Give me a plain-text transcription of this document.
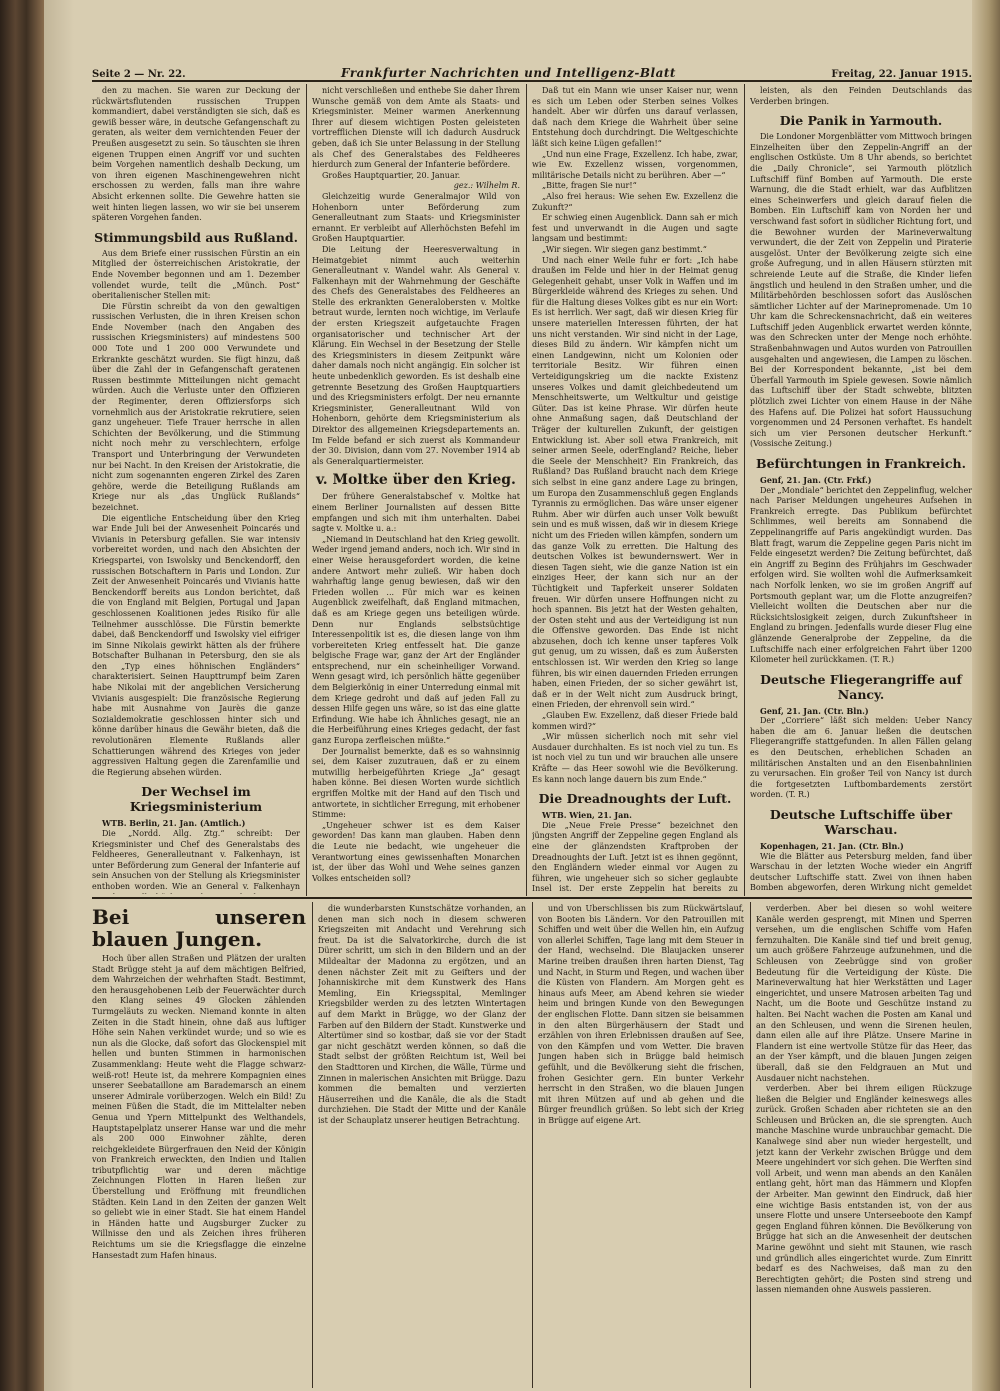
Seite 2 — Nr. 22.	Frankfurter Nachrichten und Intelligenz-Blatt	Freitag, 22. Januar 1915.

den zu machen. Sie waren zur Deckung der rückwärtsflutenden russischen Truppen kommandiert, dabei verständigten sie sich, daß es gewiß besser wäre, in deutsche Gefangenschaft zu geraten, als weiter dem vernichtenden Feuer der Preußen ausgesetzt zu sein. So täuschten sie ihren eigenen Truppen einen Angriff vor und suchten beim Vorgehen namentlich deshalb Deckung, um von ihren eigenen Maschinengewehren nicht erschossen zu werden, falls man ihre wahre Absicht erkennen sollte. Die Gewehre hatten sie weit hinten liegen lassen, wo wir sie bei unserem späteren Vorgehen fanden.

Stimmungsbild aus Rußland.

Aus dem Briefe einer russischen Fürstin an ein Mitglied der österreichischen Aristokratie, der Ende November begonnen und am 1. Dezember vollendet wurde, teilt die „Münch. Post“ oberitalienischer Stellen mit:

Die Fürstin schreibt da von den gewaltigen russischen Verlusten, die in ihren Kreisen schon Ende November (nach den Angaben des russischen Kriegsministers) auf mindestens 500 000 Tote und 1 200 000 Verwundete und Erkrankte geschätzt wurden. Sie fügt hinzu, daß über die Zahl der in Gefangenschaft geratenen Russen bestimmte Mitteilungen nicht gemacht würden. Auch die Verluste unter den Offizieren der Regimenter, deren Offiziersforps sich vornehmlich aus der Aristokratie rekrutiere, seien ganz ungeheuer. Tiefe Trauer herrsche in allen Schichten der Bevölkerung, und die Stimmung nicht noch mehr zu verschlechtern, erfolge Transport und Unterbringung der Verwundeten nur bei Nacht. In den Kreisen der Aristokratie, die nicht zum sogenannten engeren Zirkel des Zaren gehöre, werde die Beteiligung Rußlands am Kriege nur als „das Unglück Rußlands“ bezeichnet.

Die eigentliche Entscheidung über den Krieg war Ende Juli bei der Anwesenheit Poincarés und Vivianis in Petersburg gefallen. Sie war intensiv vorbereitet worden, und nach den Absichten der Kriegspartei, von Iswolsky und Benckendorff, den russischen Botschaftern in Paris und London. Zur Zeit der Anwesenheit Poincarés und Vivianis hatte Benckendorff bereits aus London berichtet, daß die von England mit Belgien, Portugal und Japan geschlossenen Koalitionen jedes Risiko für alle Teilnehmer ausschlösse. Die Fürstin bemerkte dabei, daß Benckendorff und Iswolsky viel eifriger im Sinne Nikolais gewirkt hätten als der frühere Botschafter Bulhanan in Petersburg, den sie als den „Typ eines höhnischen Engländers“ charakterisiert. Seinen Haupttrumpf beim Zaren habe Nikolai mit der angeblichen Versicherung Vivianis ausgespielt: Die französische Regierung habe mit Ausnahme von Jaurès die ganze Sozialdemokratie geschlossen hinter sich und könne darüber hinaus die Gewähr bieten, daß die revolutionären Elemente Rußlands aller Schattierungen während des Krieges von jeder aggressiven Haltung gegen die Zarenfamilie und die Regierung absehen würden.

Der Wechsel im Kriegsministerium

WTB. Berlin, 21. Jan. (Amtlich.)

Die „Nordd. Allg. Ztg.“ schreibt: Der Kriegsminister und Chef des Generalstabs des Feldheeres, Generalleutnant v. Falkenhayn, ist unter Beförderung zum General der Infanterie auf sein Ansuchen von der Stellung als Kriegsminister enthoben worden. Wie an General v. Falkenhayn

nicht verschließen und enthebe Sie daher Ihrem Wunsche gemäß von dem Amte als Staats- und Kriegsminister. Meiner warmen Anerkennung Ihrer auf diesem wichtigen Posten geleisteten vortrefflichen Dienste will ich dadurch Ausdruck geben, daß ich Sie unter Belassung in der Stellung als Chef des Generalstabes des Feldheeres hierdurch zum General der Infanterie befördere.

Großes Hauptquartier, 20. Januar.

gez.: Wilhelm R.

Gleichzeitig wurde Generalmajor Wild von Hohenborn unter Beförderung zum Generalleutnant zum Staats- und Kriegsminister ernannt. Er verbleibt auf Allerhöchsten Befehl im Großen Hauptquartier.

Die Leitung der Heeresverwaltung in Heimatgebiet nimmt auch weiterhin Generalleutnant v. Wandel wahr. Als General v. Falkenhayn mit der Wahrnehmung der Geschäfte des Chefs des Generalstabes des Feldheeres an Stelle des erkrankten Generalobersten v. Moltke betraut wurde, lernten noch wichtige, im Verlaufe der ersten Kriegszeit aufgetauchte Fragen organisatorischer und technischer Art der Klärung. Ein Wechsel in der Besetzung der Stelle des Kriegsministers in diesem Zeitpunkt wäre daher damals noch nicht angängig. Ein solcher ist heute unbedenklich geworden. Es ist deshalb eine getrennte Besetzung des Großen Hauptquartiers und des Kriegsministers erfolgt. Der neu ernannte Kriegsminister, Generalleutnant Wild von Hohenborn, gehörte dem Kriegsministerium als Direktor des allgemeinen Kriegsdepartements an. Im Felde befand er sich zuerst als Kommandeur der 30. Division, dann vom 27. November 1914 ab als Generalquartiermeister.

v. Moltke über den Krieg.

Der frühere Generalstabschef v. Moltke hat einem Berliner Journalisten auf dessen Bitte empfangen und sich mit ihm unterhalten. Dabei sagte v. Moltke u. a.:

„Niemand in Deutschland hat den Krieg gewollt. Weder irgend jemand anders, noch ich. Wir sind in einer Weise herausgefordert worden, die keine andere Antwort mehr zuließ. Wir haben doch wahrhaftig lange genug bewiesen, daß wir den Frieden wollen ... Für mich war es keinen Augenblick zweifelhaft, daß England mitmachen, daß es am Kriege gegen uns beteiligen würde. Denn nur Englands selbstsüchtige Interessenpolitik ist es, die diesen lange von ihm vorbereiteten Krieg entfesselt hat. Die ganze belgische Frage war, ganz der Art der Engländer entsprechend, nur ein scheinheiliger Vorwand. Wenn gesagt wird, ich persönlich hätte gegenüber dem Belgierkönig in einer Unterredung einmal mit dem Kriege gedroht und daß auf jeden Fall zu dessen Hilfe gegen uns wäre, so ist das eine glatte Erfindung. Wie habe ich Ähnliches gesagt, nie an die Herbeiführung eines Krieges gedacht, der fast ganz Europa zerfleischen müßte.“

Der Journalist bemerkte, daß es so wahnsinnig sei, dem Kaiser zuzutrauen, daß er zu einem mutwillig herbeigeführten Kriege „Ja“ gesagt haben könne. Bei diesen Worten wurde sichtlich ergriffen Moltke mit der Hand auf den Tisch und antwortete, in sichtlicher Erregung, mit erhobener Stimme:

„Ungeheuer schwer ist es dem Kaiser geworden! Das kann man glauben. Haben denn die Leute nie bedacht, wie ungeheuer die Verantwortung eines gewissenhaften Monarchen ist, der über das Wohl und Wehe seines ganzen Volkes entscheiden soll?

Daß tut ein Mann wie unser Kaiser nur, wenn es sich um Leben oder Sterben seines Volkes handelt. Aber wir dürfen uns darauf verlassen, daß nach dem Kriege die Wahrheit über seine Entstehung doch durchdringt. Die Weltgeschichte läßt sich keine Lügen gefallen!“

„Und nun eine Frage, Exzellenz. Ich habe, zwar, wie Ew. Exzellenz wissen, vorgenommen, militärische Details nicht zu berühren. Aber —“

„Bitte, fragen Sie nur!“

„Also frei heraus: Wie sehen Ew. Exzellenz die Zukunft?“

Er schwieg einen Augenblick. Dann sah er mich fest und unverwandt in die Augen und sagte langsam und bestimmt:

„Wir siegen. Wir siegen ganz bestimmt.“

Und nach einer Weile fuhr er fort: „Ich habe draußen im Felde und hier in der Heimat genug Gelegenheit gehabt, unser Volk in Waffen und im Bürgerkleide während des Krieges zu sehen. Und für die Haltung dieses Volkes gibt es nur ein Wort: Es ist herrlich. Wer sagt, daß wir diesen Krieg für unsere materiellen Interessen führten, der hat uns nicht verstanden. Wir sind nicht in der Lage, dieses Bild zu ändern. Wir kämpfen nicht um einen Landgewinn, nicht um Kolonien oder territoriale Besitz. Wir führen einen Verteidigungskrieg um die nackte Existenz unseres Volkes und damit gleichbedeutend um Menschheitswerte, um Weltkultur und geistige Güter. Das ist keine Phrase. Wir dürfen heute ohne Anmaßung sagen, daß Deutschland der Träger der kulturellen Zukunft, der geistigen Entwicklung ist. Aber soll etwa Frankreich, mit seiner armen Seele, oderEngland? Reiche, lieber die Seele der Menschheit? Ein Frankreich, das Rußland? Das Rußland braucht nach dem Kriege sich selbst in eine ganz andere Lage zu bringen, um Europa den Zusammenschluß gegen Englands Tyrannis zu ermöglichen. Das wäre unser eigener Ruhm. Aber wir dürfen auch unser Volk bewußt sein und es muß wissen, daß wir in diesem Kriege nicht um des Frieden willen kämpfen, sondern um das ganze Volk zu erretten. Die Haltung des deutschen Volkes ist bewundernswert. Wer in diesen Tagen sieht, wie die ganze Nation ist ein einziges Heer, der kann sich nur an der Tüchtigkeit und Tapferkeit unserer Soldaten freuen. Wir dürfen unsere Hoffnungen nicht zu hoch spannen. Bis jetzt hat der Westen gehalten, der Osten steht und aus der Verteidigung ist nun die Offensive geworden. Das Ende ist nicht abzusehen, doch ich kenne unser tapferes Volk gut genug, um zu wissen, daß es zum Äußersten entschlossen ist. Wir werden den Krieg so lange führen, bis wir einen dauernden Frieden errungen haben, einen Frieden, der so sicher gewährt ist, daß er in der Welt nicht zum Ausdruck bringt, einen Frieden, der ehrenvoll sein wird.“

„Glauben Ew. Exzellenz, daß dieser Friede bald kommen wird?“

„Wir müssen sicherlich noch mit sehr viel Ausdauer durchhalten. Es ist noch viel zu tun. Es ist noch viel zu tun und wir brauchen alle unsere Kräfte — das Heer sowohl wie die Bevölkerung. Es kann noch lange dauern bis zum Ende.“

Die Dreadnoughts der Luft.

WTB. Wien, 21. Jan.

Die „Neue Freie Presse“ bezeichnet den jüngsten Angriff der Zeppeline gegen England als eine der glänzendsten Kraftproben der Dreadnoughts der Luft. Jetzt ist es ihnen gegönnt, den Engländern wieder einmal vor Augen zu führen, wie ungeheuer sich so sicher geglaubte Insel ist. Der erste Zeppelin hat bereits zu

leisten, als den Feinden Deutschlands das Verderben bringen.

Die Panik in Yarmouth.

Die Londoner Morgenblätter vom Mittwoch bringen Einzelheiten über den Zeppelin-Angriff an der englischen Ostküste. Um 8 Uhr abends, so berichtet die „Daily Chronicle“, sei Yarmouth plötzlich Luftschiff fünf Bomben auf Yarmouth. Die erste Warnung, die die Stadt erhielt, war das Aufblitzen eines Scheinwerfers und gleich darauf fielen die Bomben. Ein Luftschiff kam von Norden her und verschwand fast sofort in südlicher Richtung fort, und die Bewohner wurden der Marineverwaltung verwundert, die der Zeit von Zeppelin und Piraterie ausgelöst. Unter der Bevölkerung zeigte sich eine große Aufregung, und in allen Häusern stürzten mit schreiende Leute auf die Straße, die Kinder liefen ängstlich und heulend in den Straßen umher, und die Militärbehörden beschlossen sofort das Auslöschen sämtlicher Lichter auf der Marinepromenade. Um 10 Uhr kam die Schreckensnachricht, daß ein weiteres Luftschiff jeden Augenblick erwartet werden könnte, was den Schrecken unter der Menge noch erhöhte. Straßenbahnwagen und Autos wurden von Patrouillen ausgehalten und angewiesen, die Lampen zu löschen. Bei der Korrespondent bekannte, „ist bei dem Überfall Yarmouth im Spiele gewesen. Sowie nämlich das Luftschiff über der Stadt schwebte, blitzten plötzlich zwei Lichter von einem Hause in der Nähe des Hafens auf. Die Polizei hat sofort Haussuchung vorgenommen und 24 Personen verhaftet. Es handelt sich um vier Personen deutscher Herkunft.“ (Vossische Zeitung.)

Befürchtungen in Frankreich.

Genf, 21. Jan. (Ctr. Frkf.)

Der „Mondiale“ berichtet den Zeppelinflug, welcher nach Pariser Meldungen ungeheures Aufsehen in Frankreich erregte. Das Publikum befürchtet Schlimmes, weil bereits am Sonnabend die Zeppelinangriffe auf Paris angekündigt wurden. Das Blatt fragt, warum die Zeppeline gegen Paris nicht im Felde eingesetzt werden? Die Zeitung befürchtet, daß ein Angriff zu Beginn des Frühjahrs im Geschwader erfolgen wird. Sie wollten wohl die Aufmerksamkeit nach Norfolk lenken, wo sie im großen Angriff auf Portsmouth geplant war, um die Flotte anzugreifen? Vielleicht wollten die Deutschen aber nur die Rücksichtslosigkeit zeigen, durch Zukunftsheer in England zu bringen. Jedenfalls wurde dieser Flug eine glänzende Generalprobe der Zeppeline, da die Luftschiffe nach einer erfolgreichen Fahrt über 1200 Kilometer heil zurückkamen. (T. R.)

Deutsche Fliegerangriffe auf Nancy.

Genf, 21. Jan. (Ctr. Bln.)

Der „Corriere“ läßt sich melden: Ueber Nancy haben die am 6. Januar ließen die deutschen Fliegerangriffe stattgefunden. In allen Fällen gelang es den Deutschen, erheblichen Schaden an militärischen Anstalten und an den Eisenbahnlinien zu verursachen. Ein großer Teil von Nancy ist durch die fortgesetzten Luftbombardements zerstört worden. (T. R.)

Deutsche Luftschiffe über Warschau.

Kopenhagen, 21. Jan. (Ctr. Bln.)

Wie die Blätter aus Petersburg melden, fand über Warschau in der letzten Woche wieder ein Angriff deutscher Luftschiffe statt. Zwei von ihnen haben Bomben abgeworfen, deren Wirkung nicht gemeldet

Bei unseren blauen Jungen.

Hoch über allen Straßen und Plätzen der uralten Stadt Brügge steht ja auf dem mächtigen Belfried, dem Wahrzeichen der wehrhaften Stadt. Bestimmt, den herausgehobenen Leib der Feuerwächter durch den Klang seines 49 Glocken zählenden Turmgeläuts zu wecken. Niemand konnte in alten Zeiten in die Stadt hinein, ohne daß aus luftiger Höhe sein Nahen verkündet wurde; und so wie es nun als die Glocke, daß sofort das Glockenspiel mit hellen und bunten Stimmen in harmonischen Zusammenklang: Heute weht die Flagge schwarz-weiß-rot! Heute ist, da mehrere Kompagnien eines unserer Seebataillone am Barademarsch an einem unserer Admirale vorüberzogen. Welch ein Bild! Zu meinen Füßen die Stadt, die im Mittelalter neben Genua und Ypern Mittelpunkt des Welthandels, Hauptstapelplatz unserer Hanse war und die mehr als 200 000 Einwohner zählte, deren reichgekleidete Bürgerfrauen den Neid der Königin von Frankreich erweckten, den Indien und Italien tributpflichtig war und deren mächtige Zeichnungen Flotten in Haren ließen zur Überstellung und Eröffnung mit freundlichen Städten. Kein Land in den Zeiten der ganzen Welt so geliebt wie in einer Stadt. Sie hat einem Handel in Händen hatte und Augsburger Zucker zu Willnisse den und als Zeichen ihres früheren Reichtums um sie die Kriegsflagge die einzelne Hansestadt zum Hafen hinaus.

die wunderbarsten Kunstschätze vorhanden, an denen man sich noch in diesem schweren Kriegszeiten mit Andacht und Verehrung sich freut. Da ist die Salvatorkirche, durch die ist Dürer schritt, um sich in den Bildern und an der Mildealtar der Madonna zu ergötzen, und an denen nächster Zeit mit zu Geifters und der Johanniskirche mit dem Kunstwerk des Hans Memling, Ein Kriegsspital, Memlinger Kriegsbilder werden zu des letzten Wintertagen auf dem Markt in Brügge, wo der Glanz der Farben auf den Bildern der Stadt. Kunstwerke und Altertümer sind so kostbar, daß sie vor der Stadt gar nicht geschätzt werden können, so daß die Stadt selbst der größten Reichtum ist, Weil bei den Stadttoren und Kirchen, die Wälle, Türme und Zinnen in malerischen Ansichten mit Brügge. Dazu kommen die bemalten und verzierten Häuserreihen und die Kanäle, die als die Stadt durchziehen. Die Stadt der Mitte und der Kanäle ist der Schauplatz unserer heutigen Betrachtung.

und von Überschlissen bis zum Rückwärtslauf, von Booten bis Ländern. Vor den Patrouillen mit Schiffen und weit über die Wellen hin, ein Aufzug von allerlei Schiffen, Tage lang mit dem Steuer in der Hand, wechselnd. Die Blaujacken unserer Marine treiben draußen ihren harten Dienst, Tag und Nacht, in Sturm und Regen, und wachen über die Küsten von Flandern. Am Morgen geht es hinaus aufs Meer, am Abend kehren sie wieder heim und bringen Kunde von den Bewegungen der englischen Flotte. Dann sitzen sie beisammen in den alten Bürgerhäusern der Stadt und erzählen von ihren Erlebnissen draußen auf See, von den Kämpfen und vom Wetter. Die braven Jungen haben sich in Brügge bald heimisch gefühlt, und die Bevölkerung sieht die frischen, frohen Gesichter gern. Ein bunter Verkehr herrscht in den Straßen, wo die blauen Jungen mit ihren Mützen auf und ab gehen und die Bürger freundlich grüßen. So lebt sich der Krieg in Brügge auf eigene Art.

verderben. Aber bei diesen so wohl weitere Kanäle werden gesprengt, mit Minen und Sperren versehen, um die englischen Schiffe vom Hafen fernzuhalten. Die Kanäle sind tief und breit genug, um auch größere Fahrzeuge aufzunehmen, und die Schleusen von Zeebrügge sind von großer Bedeutung für die Verteidigung der Küste. Die Marineverwaltung hat hier Werkstätten und Lager eingerichtet, und unsere Matrosen arbeiten Tag und Nacht, um die Boote und Geschütze instand zu halten. Bei Nacht wachen die Posten am Kanal und an den Schleusen, und wenn die Sirenen heulen, dann eilen alle auf ihre Plätze. Unsere Marine in Flandern ist eine wertvolle Stütze für das Heer, das an der Yser kämpft, und die blauen Jungen zeigen überall, daß sie den Feldgrauen an Mut und Ausdauer nicht nachstehen.

verderben. Aber bei ihrem eiligen Rückzuge ließen die Belgier und Engländer keineswegs alles zurück. Großen Schaden aber richteten sie an den Schleusen und Brücken an, die sie sprengten. Auch manche Maschine wurde unbrauchbar gemacht. Die Kanalwege sind aber nun wieder hergestellt, und jetzt kann der Verkehr zwischen Brügge und dem Meere ungehindert vor sich gehen. Die Werften sind voll Arbeit, und wenn man abends an den Kanälen entlang geht, hört man das Hämmern und Klopfen der Arbeiter. Man gewinnt den Eindruck, daß hier eine wichtige Basis entstanden ist, von der aus unsere Flotte und unsere Unterseeboote den Kampf gegen England führen können. Die Bevölkerung von Brügge hat sich an die Anwesenheit der deutschen Marine gewöhnt und sieht mit Staunen, wie rasch und gründlich alles eingerichtet wurde. Zum Einritt bedarf es des Nachweises, daß man zu den Berechtigten gehört; die Posten sind streng und lassen niemanden ohne Ausweis passieren.
